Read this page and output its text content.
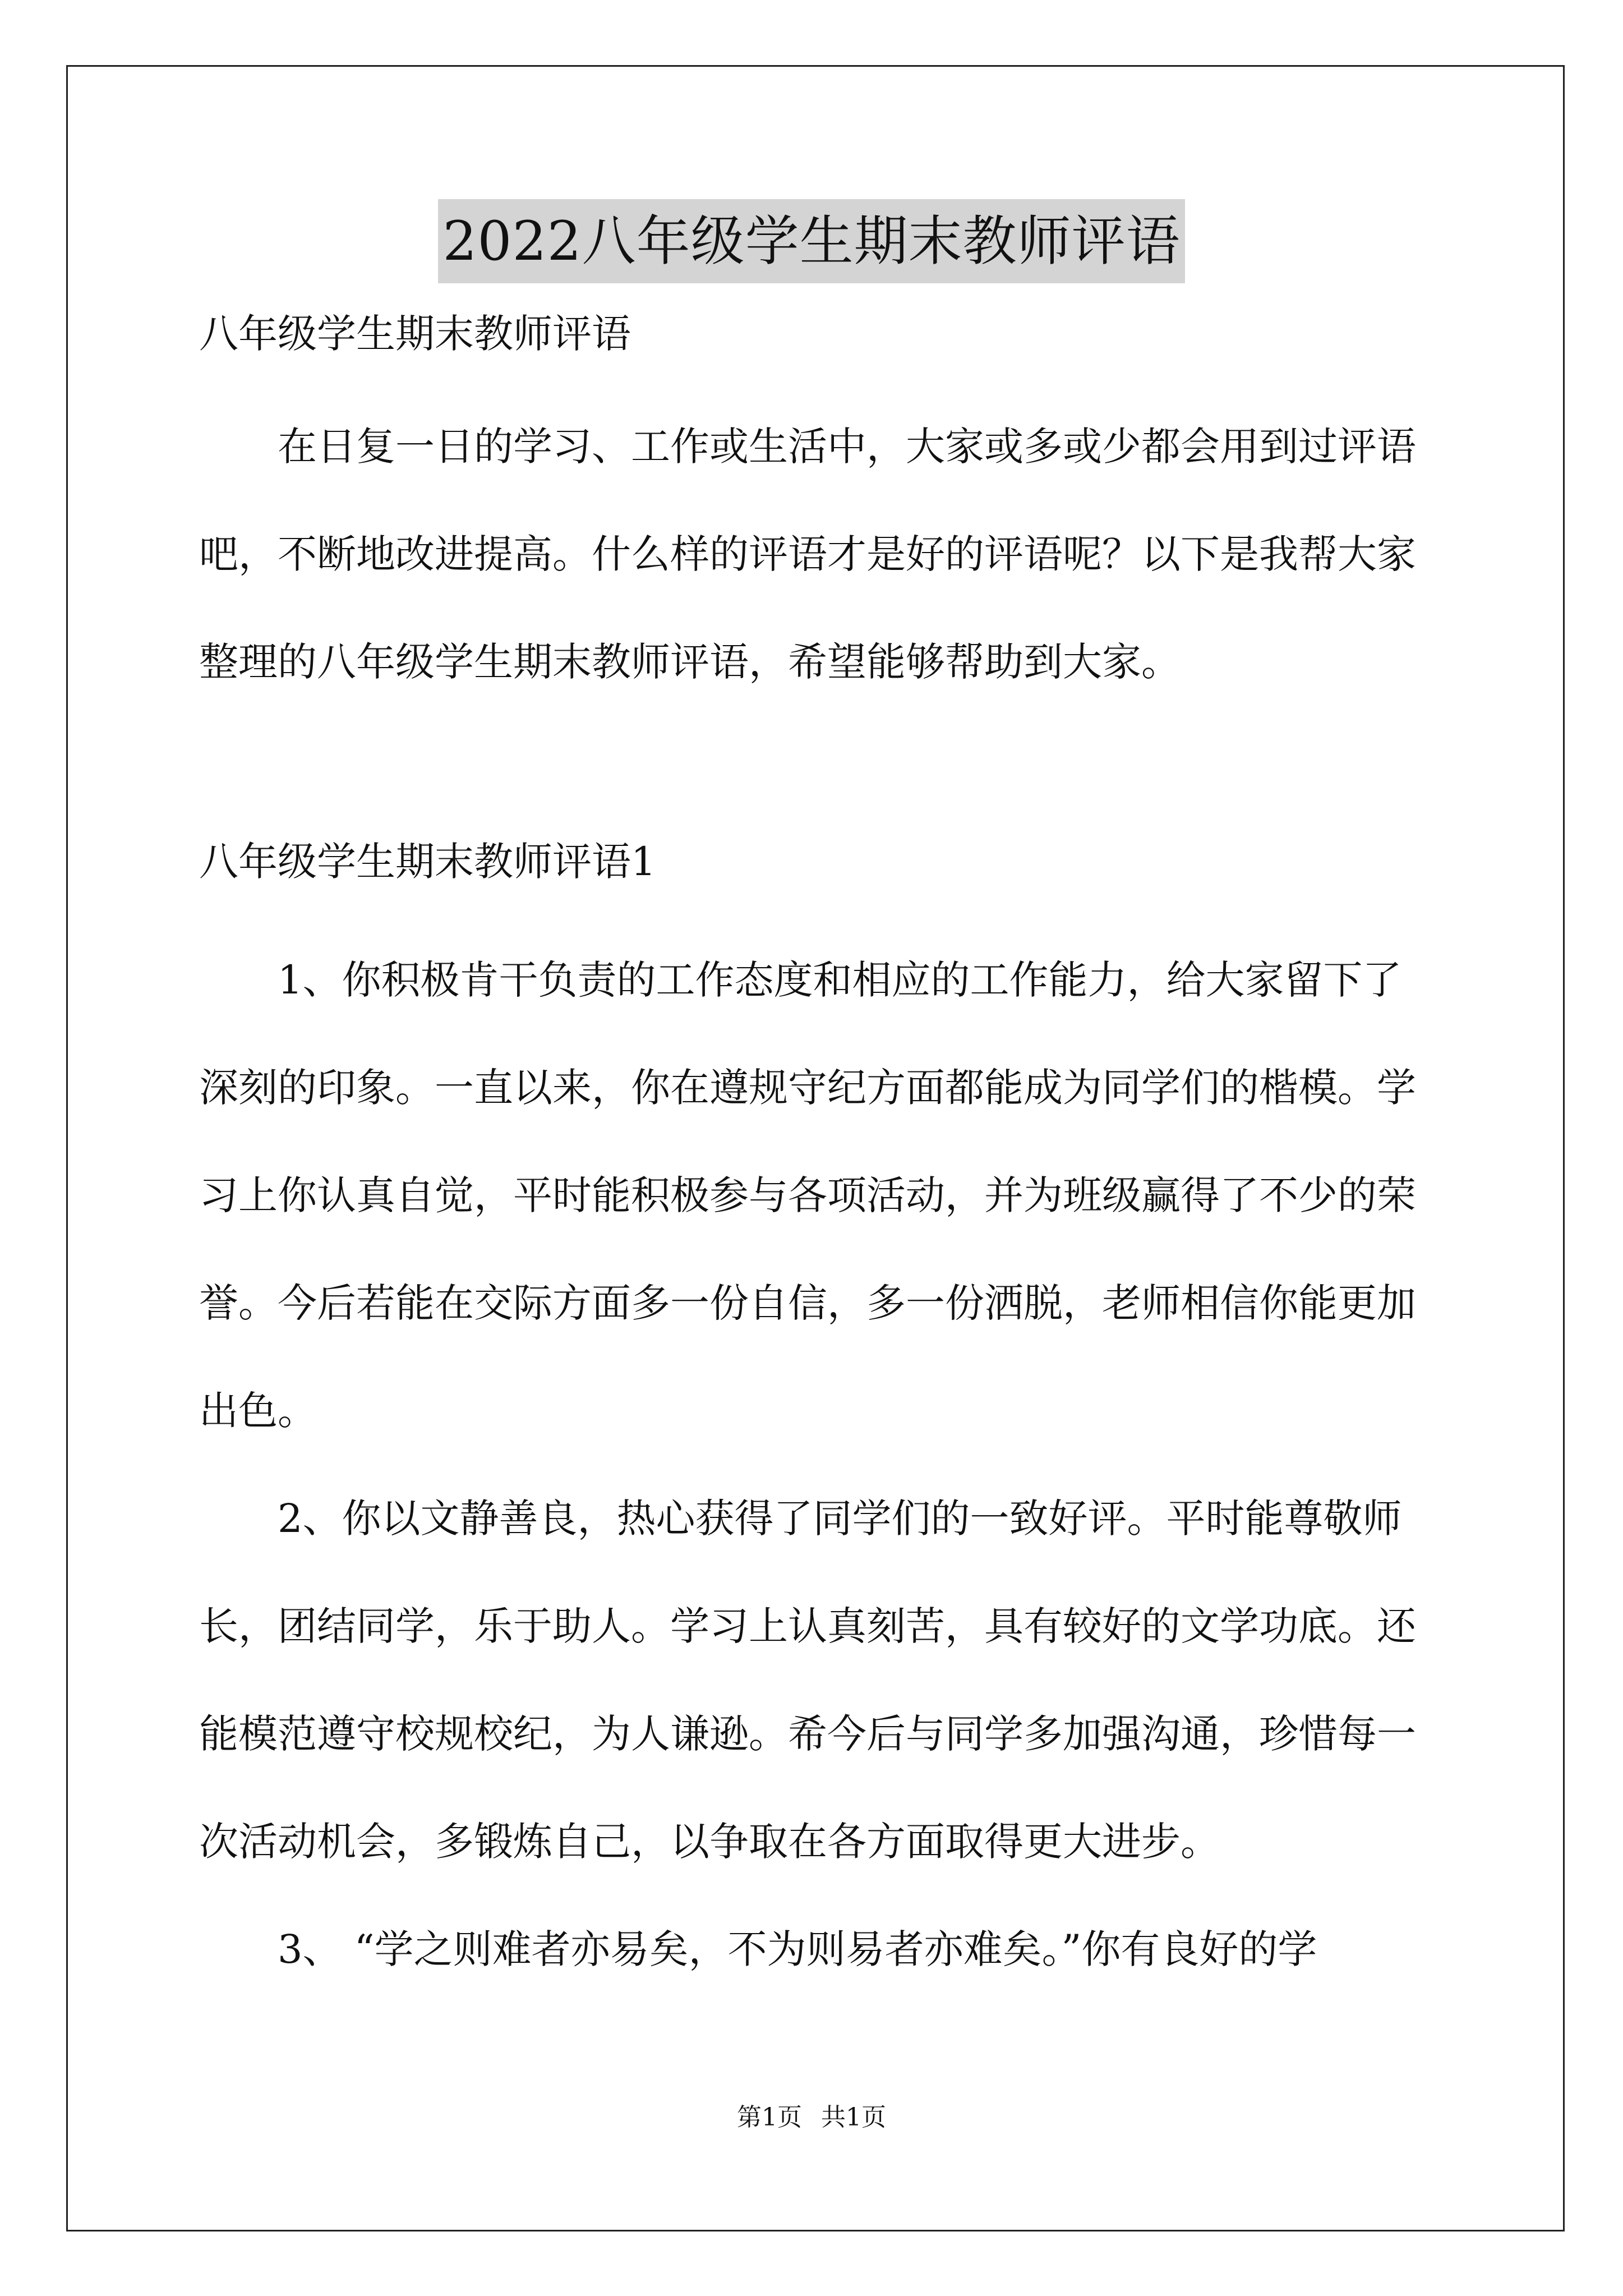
2022八年级学生期末教师评语

八年级学生期末教师评语

在日复一日的学习、工作或生活中，大家或多或少都会用到过评语吧，不断地改进提高。什么样的评语才是好的评语呢？以下是我帮大家整理的八年级学生期末教师评语，希望能够帮助到大家。

八年级学生期末教师评语1

1、你积极肯干负责的工作态度和相应的工作能力，给大家留下了深刻的印象。一直以来，你在遵规守纪方面都能成为同学们的楷模。学习上你认真自觉，平时能积极参与各项活动，并为班级赢得了不少的荣誉。今后若能在交际方面多一份自信，多一份洒脱，老师相信你能更加出色。

2、你以文静善良，热心获得了同学们的一致好评。平时能尊敬师长，团结同学，乐于助人。学习上认真刻苦，具有较好的文学功底。还能模范遵守校规校纪，为人谦逊。希今后与同学多加强沟通，珍惜每一次活动机会，多锻炼自己，以争取在各方面取得更大进步。

3、 “学之则难者亦易矣，不为则易者亦难矣。”你有良好的学

第1页 共1页
